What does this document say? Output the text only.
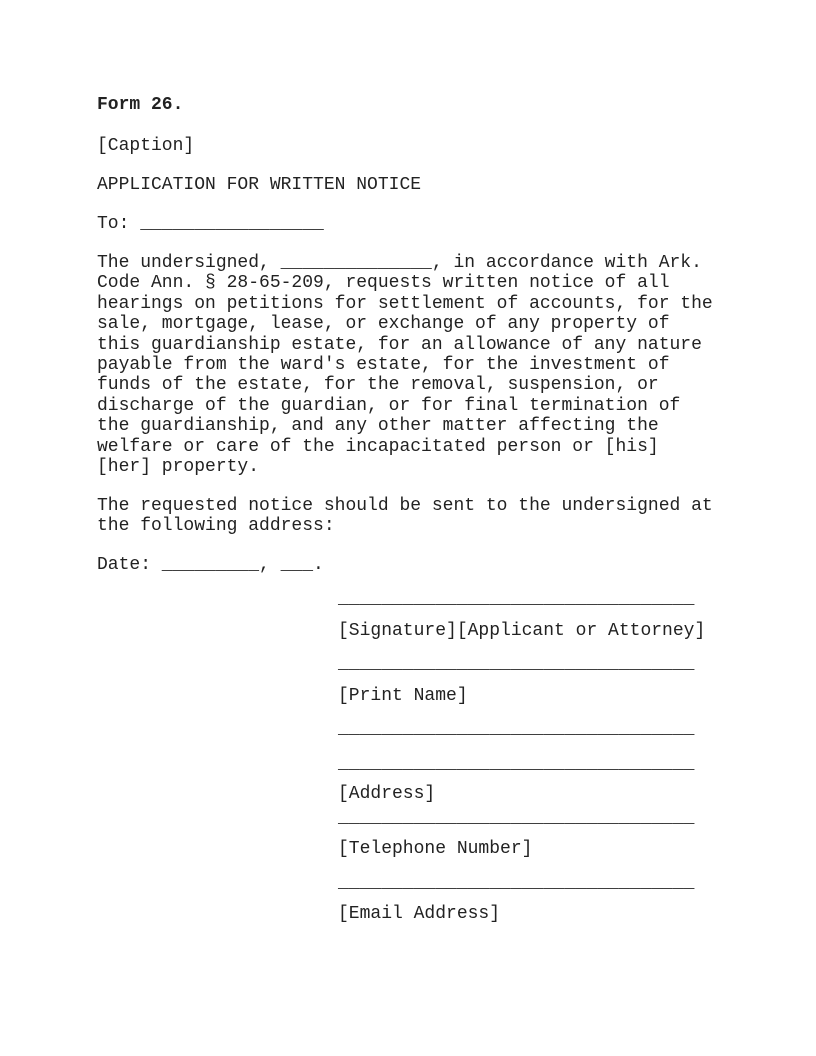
Form 26.
[Caption]
APPLICATION FOR WRITTEN NOTICE
To: _________________
The undersigned, ______________, in accordance with Ark.
Code Ann. § 28-65-209, requests written notice of all
hearings on petitions for settlement of accounts, for the
sale, mortgage, lease, or exchange of any property of
this guardianship estate, for an allowance of any nature
payable from the ward's estate, for the investment of
funds of the estate, for the removal, suspension, or
discharge of the guardian, or for final termination of
the guardianship, and any other matter affecting the
welfare or care of the incapacitated person or [his]
[her] property.
The requested notice should be sent to the undersigned at
the following address:
Date: _________, ___.
_________________________________
[Signature][Applicant or Attorney]
_________________________________
[Print Name]
_________________________________
_________________________________
[Address]
_________________________________
[Telephone Number]
_________________________________
[Email Address]
